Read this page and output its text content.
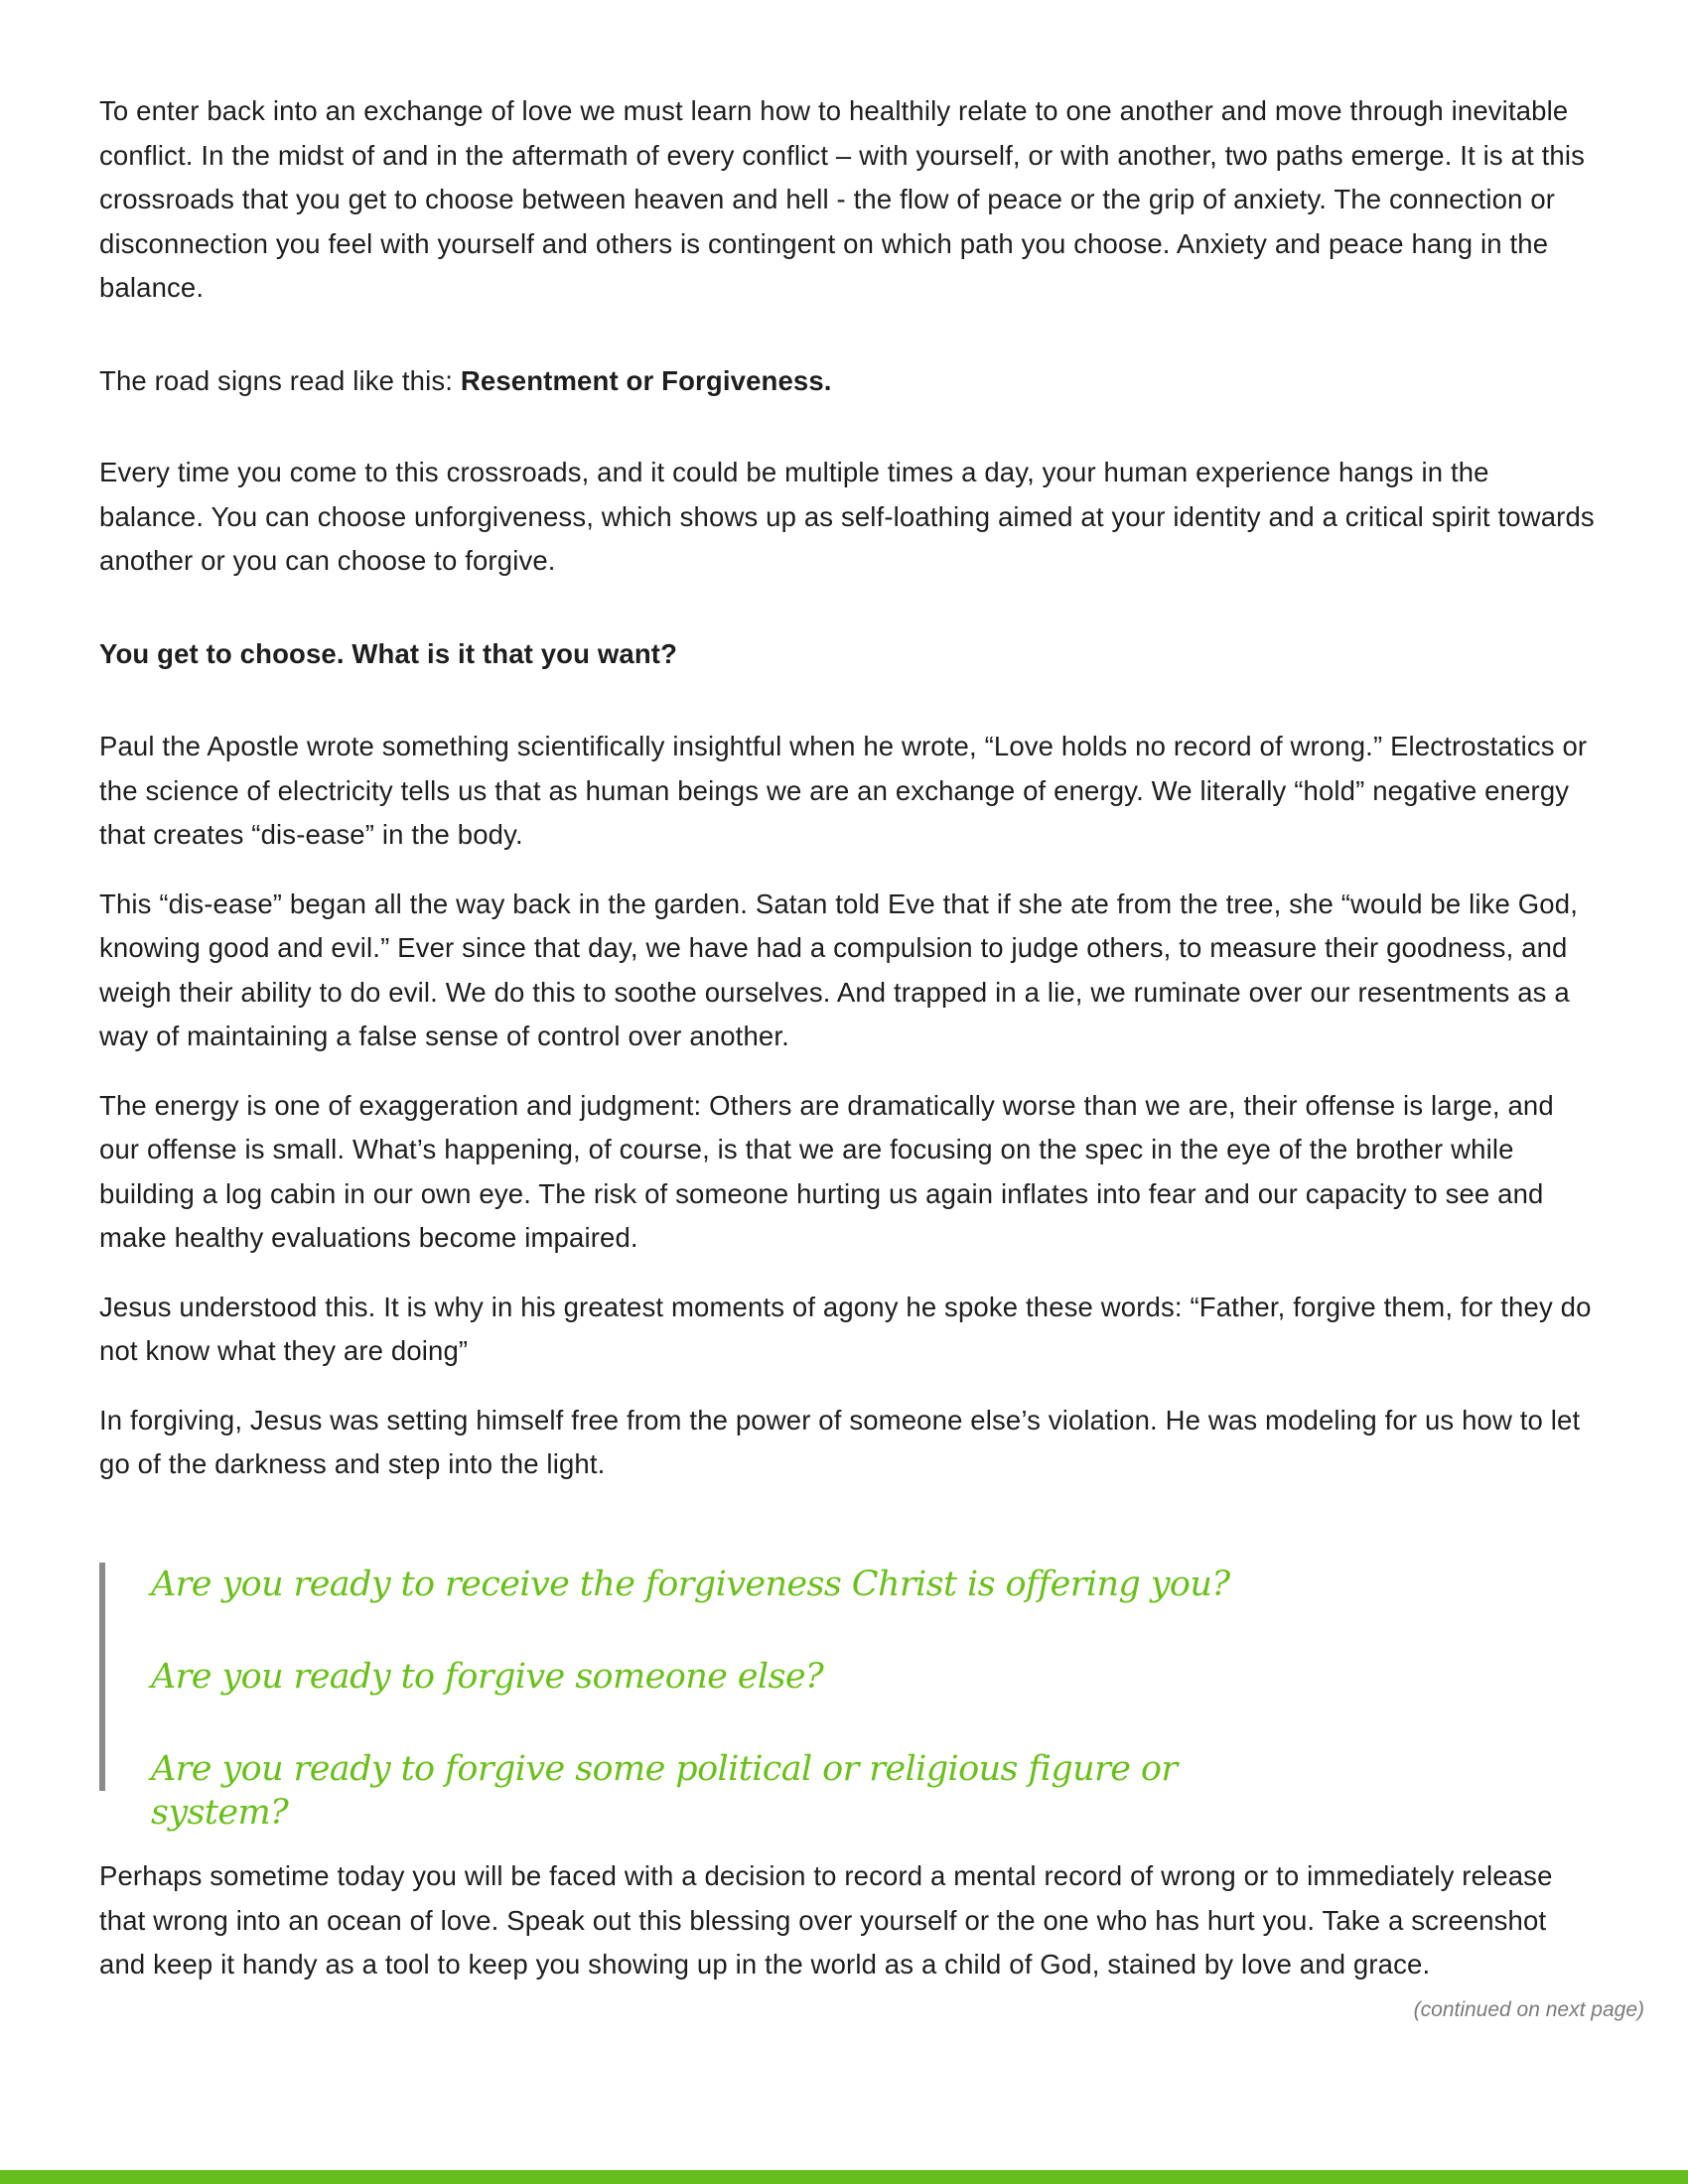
To enter back into an exchange of love we must learn how to healthily relate to one another and move through inevitable conflict. In the midst of and in the aftermath of every conflict – with yourself, or with another, two paths emerge. It is at this crossroads that you get to choose between heaven and hell - the flow of peace or the grip of anxiety. The connection or disconnection you feel with yourself and others is contingent on which path you choose. Anxiety and peace hang in the balance.

The road signs read like this: Resentment or Forgiveness.

Every time you come to this crossroads, and it could be multiple times a day, your human experience hangs in the balance. You can choose unforgiveness, which shows up as self-loathing aimed at your identity and a critical spirit towards another or you can choose to forgive.

You get to choose. What is it that you want?

Paul the Apostle wrote something scientifically insightful when he wrote, “Love holds no record of wrong.” Electrostatics or the science of electricity tells us that as human beings we are an exchange of energy. We literally “hold” negative energy that creates “dis-ease” in the body.

This “dis-ease” began all the way back in the garden. Satan told Eve that if she ate from the tree, she “would be like God, knowing good and evil.” Ever since that day, we have had a compulsion to judge others, to measure their goodness, and weigh their ability to do evil. We do this to soothe ourselves. And trapped in a lie, we ruminate over our resentments as a way of maintaining a false sense of control over another.

The energy is one of exaggeration and judgment: Others are dramatically worse than we are, their offense is large, and our offense is small. What’s happening, of course, is that we are focusing on the spec in the eye of the brother while building a log cabin in our own eye. The risk of someone hurting us again inflates into fear and our capacity to see and make healthy evaluations become impaired.

Jesus understood this. It is why in his greatest moments of agony he spoke these words: “Father, forgive them, for they do not know what they are doing”

In forgiving, Jesus was setting himself free from the power of someone else’s violation. He was modeling for us how to let go of the darkness and step into the light.

Are you ready to receive the forgiveness Christ is offering you?

Are you ready to forgive someone else?

Are you ready to forgive some political or religious figure or system?

Perhaps sometime today you will be faced with a decision to record a mental record of wrong or to immediately release that wrong into an ocean of love. Speak out this blessing over yourself or the one who has hurt you. Take a screenshot and keep it handy as a tool to keep you showing up in the world as a child of God, stained by love and grace.

(continued on next page)
